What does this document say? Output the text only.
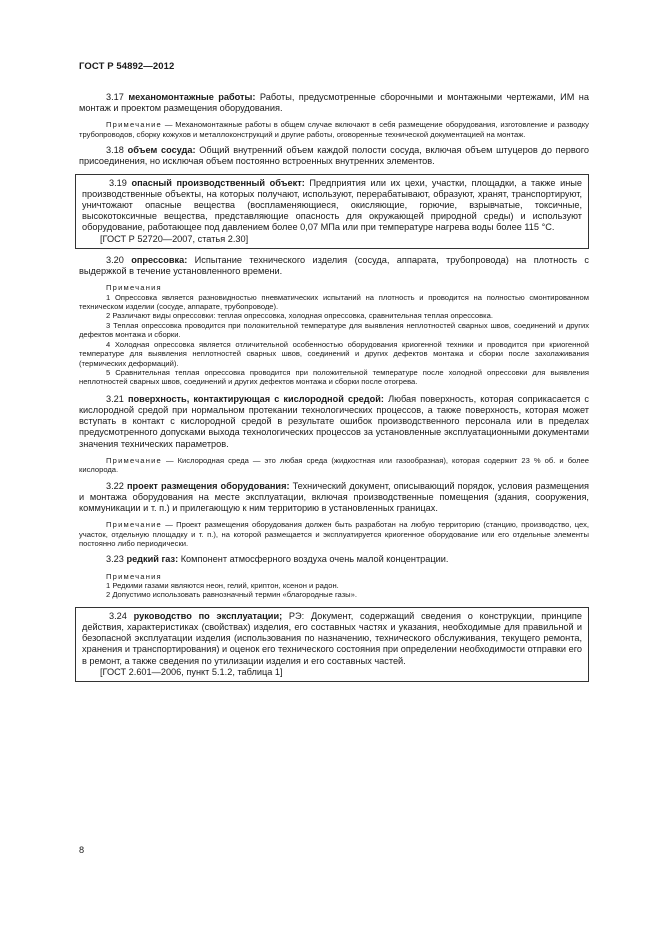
ГОСТ Р 54892—2012

3.17 механомонтажные работы: Работы, предусмотренные сборочными и монтажными чертежами, ИМ на монтаж и проектом размещения оборудования.

Примечание — Механомонтажные работы в общем случае включают в себя размещение оборудования, изготовление и разводку трубопроводов, сборку кожухов и металлоконструкций и другие работы, оговоренные технической документацией на монтаж.

3.18 объем сосуда: Общий внутренний объем каждой полости сосуда, включая объем штуцеров до первого присоединения, но исключая объем постоянно встроенных внутренних элементов.

3.19 опасный производственный объект: Предприятия или их цехи, участки, площадки, а также иные производственные объекты, на которых получают, используют, перерабатывают, образуют, хранят, транспортируют, уничтожают опасные вещества (воспламеняющиеся, окисляющие, горючие, взрывчатые, токсичные, высокотоксичные вещества, представляющие опасность для окружающей природной среды) и используют оборудование, работающее под давлением более 0,07 МПа или при температуре нагрева воды более 115 °С.

[ГОСТ Р 52720—2007, статья 2.30]

3.20 опрессовка: Испытание технического изделия (сосуда, аппарата, трубопровода) на плотность с выдержкой в течение установленного времени.

Примечания

1 Опрессовка является разновидностью пневматических испытаний на плотность и проводится на полностью смонтированном техническом изделии (сосуде, аппарате, трубопроводе).

2 Различают виды опрессовки: теплая опрессовка, холодная опрессовка, сравнительная теплая опрессовка.

3 Теплая опрессовка проводится при положительной температуре для выявления неплотностей сварных швов, соединений и других дефектов монтажа и сборки.

4 Холодная опрессовка является отличительной особенностью оборудования криогенной техники и проводится при криогенной температуре для выявления неплотностей сварных швов, соединений и других дефектов монтажа и сборки после захолаживания (термических деформаций).

5 Сравнительная теплая опрессовка проводится при положительной температуре после холодной опрессовки для выявления неплотностей сварных швов, соединений и других дефектов монтажа и сборки после отогрева.

3.21 поверхность, контактирующая с кислородной средой: Любая поверхность, которая соприкасается с кислородной средой при нормальном протекании технологических процессов, а также поверхность, которая может вступать в контакт с кислородной средой в результате ошибок производственного персонала или в пределах предусмотренного допусками выхода технологических процессов за установленные эксплуатационными документами значения технических параметров.

Примечание — Кислородная среда — это любая среда (жидкостная или газообразная), которая содержит 23 % об. и более кислорода.

3.22 проект размещения оборудования: Технический документ, описывающий порядок, условия размещения и монтажа оборудования на месте эксплуатации, включая производственные помещения (здания, сооружения, коммуникации и т. п.) и прилегающую к ним территорию в установленных границах.

Примечание — Проект размещения оборудования должен быть разработан на любую территорию (станцию, производство, цех, участок, отдельную площадку и т. п.), на которой размещается и эксплуатируется криогенное оборудование или его отдельные элементы постоянно либо периодически.

3.23 редкий газ: Компонент атмосферного воздуха очень малой концентрации.

Примечания

1 Редкими газами являются неон, гелий, криптон, ксенон и радон.

2 Допустимо использовать равнозначный термин «благородные газы».

3.24 руководство по эксплуатации; РЭ: Документ, содержащий сведения о конструкции, принципе действия, характеристиках (свойствах) изделия, его составных частях и указания, необходимые для правильной и безопасной эксплуатации изделия (использования по назначению, технического обслуживания, текущего ремонта, хранения и транспортирования) и оценок его технического состояния при определении необходимости отправки его в ремонт, а также сведения по утилизации изделия и его составных частей.

[ГОСТ 2.601—2006, пункт 5.1.2, таблица 1]

8
